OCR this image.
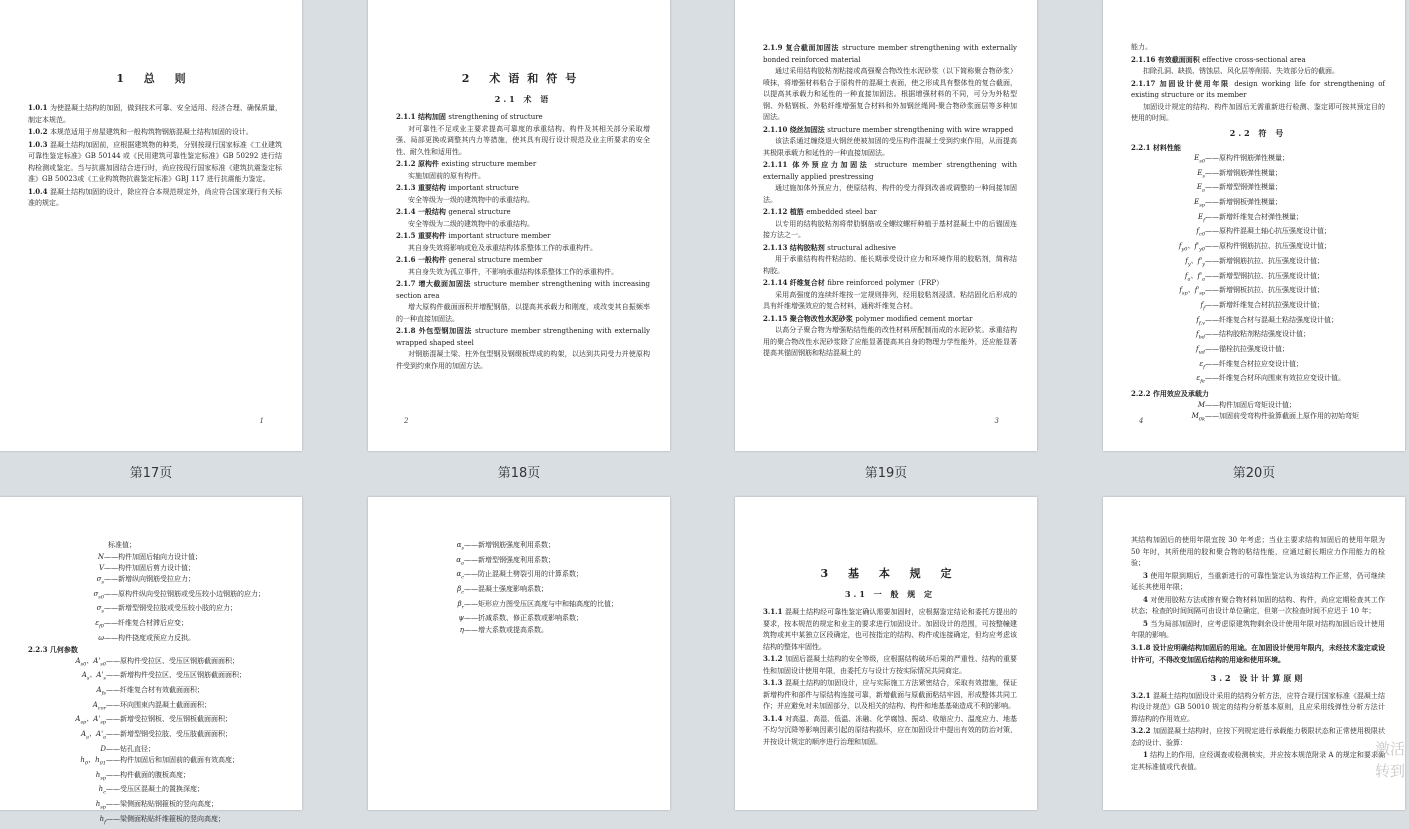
1 总 则

1.0.1 为使混凝土结构的加固，做到技术可靠、安全适用、经济合理、确保质量，制定本规范。

1.0.2 本规范适用于房屋建筑和一般构筑物钢筋混凝土结构加固的设计。

1.0.3 混凝土结构加固前，应根据建筑物的种类，分别按现行国家标准《工业建筑可靠性鉴定标准》GB 50144 或《民用建筑可靠性鉴定标准》GB 50292 进行结构检测或鉴定。当与抗震加固结合进行时，尚应按现行国家标准《建筑抗震鉴定标准》GB 50023或《工业构筑物抗震鉴定标准》GBJ 117 进行抗震能力鉴定。

1.0.4 混凝土结构加固的设计，除应符合本规范规定外，尚应符合国家现行有关标准的规定。

1
第17页
2 术语和符号
2.1 术 语

2.1.1 结构加固 strengthening of structure

对可靠性不足或业主要求提高可靠度的承重结构、构件及其相关部分采取增强、局部更换或调整其内力等措施，使其具有现行设计规范及业主所要求的安全性、耐久性和适用性。

2.1.2 原构件 existing structure member

实施加固前的原有构件。

2.1.3 重要结构 important structure

安全等级为一级的建筑物中的承重结构。

2.1.4 一般结构 general structure

安全等级为二级的建筑物中的承重结构。

2.1.5 重要构件 important structure member

其自身失效将影响或危及承重结构体系整体工作的承重构件。

2.1.6 一般构件 general structure member

其自身失效为孤立事件，不影响承重结构体系整体工作的承重构件。

2.1.7 增大截面加固法 structure member strengthening with increasing section area

增大原构件截面面积并增配钢筋，以提高其承载力和刚度，或改变其自振频率的一种直接加固法。

2.1.8 外包型钢加固法 structure member strengthening with externally wrapped shaped steel

对钢筋混凝土梁、柱外包型钢及钢缀板焊成的构架，以达到共同受力并使原构件受到约束作用的加固方法。

2
第18页

2.1.9 复合截面加固法 structure member strengthening with externally bonded reinforced material

通过采用结构胶粘剂粘接或高强聚合物改性水泥砂浆（以下简称聚合物砂浆）喷抹，将增强材料粘合于原构件的混凝土表面，使之形成具有整体性的复合截面，以提高其承载力和延性的一种直接加固法。根据增强材料的不同，可分为外粘型钢、外粘钢板、外粘纤维增强复合材料和外加钢丝绳网-聚合物砂浆面层等多种加固法。

2.1.10 绕丝加固法 structure member strengthening with wire wrapped

该法系通过缠绕退火钢丝使被加固的受压构件混凝土受到约束作用，从而提高其极限承载力和延性的一种直接加固法。

2.1.11 体外预应力加固法 structure member strengthening with externally applied prestressing

通过施加体外预应力，使原结构、构件的受力得到改善或调整的一种间接加固法。

2.1.12 植筋 embedded steel bar

以专用的结构胶粘剂将带肋钢筋或全螺纹螺杆种植于基材混凝土中的后锚固连接方法之一。

2.1.13 结构胶粘剂 structural adhesive

用于承重结构构件粘结的、能长期承受设计应力和环境作用的胶粘剂，简称结构胶。

2.1.14 纤维复合材 fibre reinforced polymer（FRP）

采用高强度的连续纤维按一定规则排列，经用胶粘剂浸渍、粘结固化后形成的具有纤维增强效应的复合材料，通称纤维复合材。

2.1.15 聚合物改性水泥砂浆 polymer modified cement mortar

以高分子聚合物为增强粘结性能的改性材料所配制而成的水泥砂浆。承重结构用的聚合物改性水泥砂浆除了应能显著提高其自身的物理力学性能外，还应能显著提高其锚固钢筋和粘结混凝土的

3
第19页

能力。

2.1.16 有效截面面积 effective cross-sectional area

扣除孔洞、缺损、锈蚀层、风化层等削弱、失效部分后的截面。

2.1.17 加固设计使用年限 design working life for strengthening of existing structure or its member

加固设计规定的结构、构件加固后无需重新进行检测、鉴定即可按其预定目的使用的时间。

2.2 符 号

2.2.1 材料性能

$E_{s0}——$原构件钢筋弹性模量；

$E_s——$新增钢筋弹性模量；

$E_a——$新增型钢弹性模量；

$E_{sp}——$新增钢板弹性模量；

$E_f——$新增纤维复合材弹性模量；

$f_{c0}——$原构件混凝土轴心抗压强度设计值；

$f_{y0}$、$f'_{y0}——$原构件钢筋抗拉、抗压强度设计值；

$f_y$、$f'_y——$新增钢筋抗拉、抗压强度设计值；

$f_a$、$f'_a——$新增型钢抗拉、抗压强度设计值；

$f_{sp}$、$f'_{sp}——$新增钢板抗拉、抗压强度设计值；

$f_f——$新增纤维复合材抗拉强度设计值；

$f_{f,v}——$纤维复合材与混凝土粘结强度设计值；

$f_{bd}——$结构胶粘剂粘结强度设计值；

$f_{ud}——$锚栓抗拉强度设计值；

$\varepsilon_f——$纤维复合材拉应变设计值；

$\varepsilon_{fe}——$纤维复合材环向围束有效拉应变设计值。

2.2.2 作用效应及承载力

M——构件加固后弯矩设计值；

$M_{0k}——$加固前受弯构件验算截面上原作用的初始弯矩

4
第20页

标准值；

N——构件加固后轴向力设计值；

V——构件加固后剪力设计值；

$\sigma_s——$新增纵向钢筋受拉应力；

$\sigma_{s0}——$原构件纵向受拉钢筋或受压较小边钢筋的应力；

$\sigma_s——$新增型钢受拉肢或受压较小肢的应力；

$\varepsilon_{f0}——$纤维复合材滞后应变；

ω——构件挠度或预应力反拱。

2.2.3 几何参数

$A_{s0}$、$A'_{s0}——$原构件受拉区、受压区钢筋截面面积；

$A_s$、$A'_s——$新增构件受拉区、受压区钢筋截面面积；

$A_{fs}——$纤维复合材有效截面面积；

$A_{cor}——$环向围束内混凝土截面面积；

$A_{sp}$、$A'_{sp}——$新增受拉钢板、受压钢板截面面积；

$A_a$、$A'_a——$新增型钢受拉肢、受压肢截面面积；

D——钻孔直径；

$h_0$、$h_{01}——$构件加固后和加固前的截面有效高度；

$h_{sp}——$构件截面的腹板高度；

$h_c——$受压区混凝土的置换深度；

$h_{sp}——$梁侧面粘贴钢箍板的竖向高度；

$h_f——$梁侧面粘贴纤维箍板的竖向高度；

$\alpha_s——$新增钢筋强度利用系数；

$\alpha_a——$新增型钢强度利用系数；

$\alpha_c——$防止混凝土劈裂引用的计算系数；

$\beta_c——$混凝土强度影响系数；

$\beta_r——$矩形应力图受压区高度与中和轴高度的比值；

ψ——折减系数、修正系数或影响系数；

η——增大系数或提高系数。

3 基 本 规 定
3.1 一 般 规 定

3.1.1 混凝土结构经可靠性鉴定确认需要加固时，应根据鉴定结论和委托方提出的要求，按本规范的规定和业主的要求进行加固设计。加固设计的范围，可按整幢建筑物或其中某独立区段确定，也可按指定的结构、构件或连接确定，但均应考虑该结构的整体牢固性。

3.1.2 加固后混凝土结构的安全等级，应根据结构破坏后果的严重性、结构的重要性和加固设计使用年限，由委托方与设计方按实际情况共同商定。

3.1.3 混凝土结构的加固设计，应与实际施工方法紧密结合，采取有效措施，保证新增构件和部件与原结构连接可靠，新增截面与原截面粘结牢固，形成整体共同工作；并应避免对未加固部分，以及相关的结构、构件和地基基础造成不利的影响。

3.1.4 对高温、高湿、低温、冻融、化学腐蚀、振动、收缩应力、温度应力、地基不均匀沉降等影响因素引起的原结构损坏，应在加固设计中提出有效的防治对策，并按设计规定的顺序进行治理和加固。

其结构加固后的使用年限宜按 30 年考虑；当业主要求结构加固后的使用年限为 50 年时，其所使用的胶和聚合物的粘结性能，应通过耐长期应力作用能力的检验；

3 使用年限到期后，当重新进行的可靠性鉴定认为该结构工作正常，仍可继续延长其使用年限；

4 对使用胶粘方法或掺有聚合物材料加固的结构、构件，尚应定期检查其工作状态；检查的时间间隔可由设计单位确定，但第一次检查时间不应迟于 10 年；

5 当为局部加固时，应考虑原建筑物剩余设计使用年限对结构加固后设计使用年限的影响。

3.1.8 设计应明确结构加固后的用途。在加固设计使用年限内，未经技术鉴定或设计许可，不得改变加固后结构的用途和使用环境。

3.2 设计计算原则

3.2.1 混凝土结构加固设计采用的结构分析方法，应符合现行国家标准《混凝土结构设计规范》GB 50010 规定的结构分析基本原则，且应采用线弹性分析方法计算结构的作用效应。

3.2.2 加固混凝土结构时，应按下列规定进行承载能力极限状态和正常使用极限状态的设计、验算：

1 结构上的作用，应经调查或检测核实，并应按本规范附录 A 的规定和要求确定其标准值或代表值。

激活 转到
